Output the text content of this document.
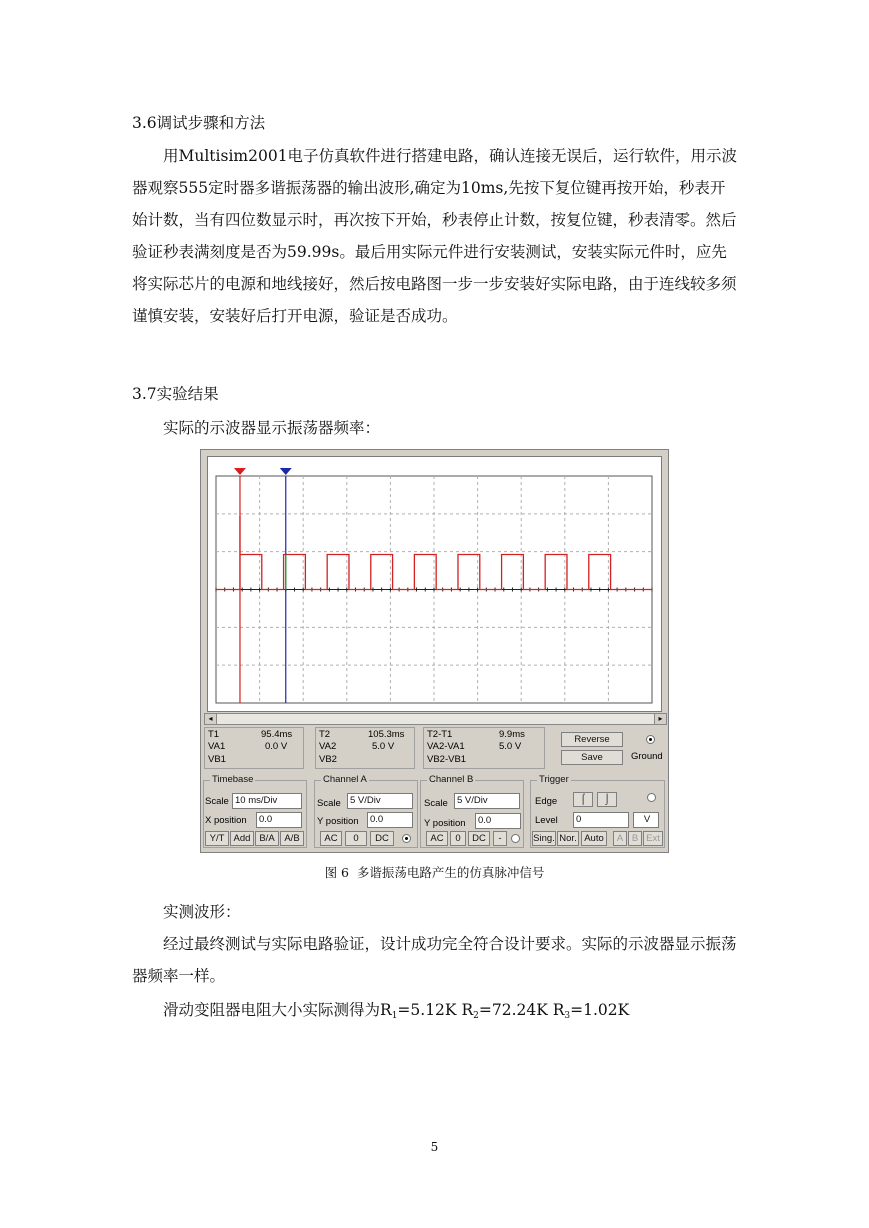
3.6调试步骤和方法

用Multisim2001电子仿真软件进行搭建电路，确认连接无误后，运行软件，用示波器观察555定时器多谐振荡器的输出波形,确定为10ms,先按下复位键再按开始，秒表开始计数，当有四位数显示时，再次按下开始，秒表停止计数，按复位键，秒表清零。然后验证秒表满刻度是否为59.99s。最后用实际元件进行安装测试，安装实际元件时，应先将实际芯片的电源和地线接好，然后按电路图一步一步安装好实际电路，由于连线较多须谨慎安装，安装好后打开电源，验证是否成功。

3.7实验结果

实际的示波器显示振荡器频率：

◂	▸
T1
VA1
VB1
95.4ms
0.0 V
T2
VA2
VB2
105.3ms
5.0 V
T2-T1
VA2-VA1
VB2-VB1
9.9ms
5.0 V
Reverse
Save	Ground
Timebase
Scale 10 ms/Div
X position	0.0
Y/T Add B/A	A/B
Channel A
Scale 5 V/Div
Y position	0.0
AC	0	DC
Channel B
Scale 5 V/Div
Y position	0.0
AC	0	DC	-
Trigger
Edge	⌠	⌡
Level	0	V
Sing. Nor. Auto	A B Ext
图 6  多谐振荡电路产生的仿真脉冲信号

实测波形：

经过最终测试与实际电路验证，设计成功完全符合设计要求。实际的示波器显示振荡器频率一样。

滑动变阻器电阻大小实际测得为$R_1=5.12K$ $R_2=72.24K$ $R_3=1.02K$

5
